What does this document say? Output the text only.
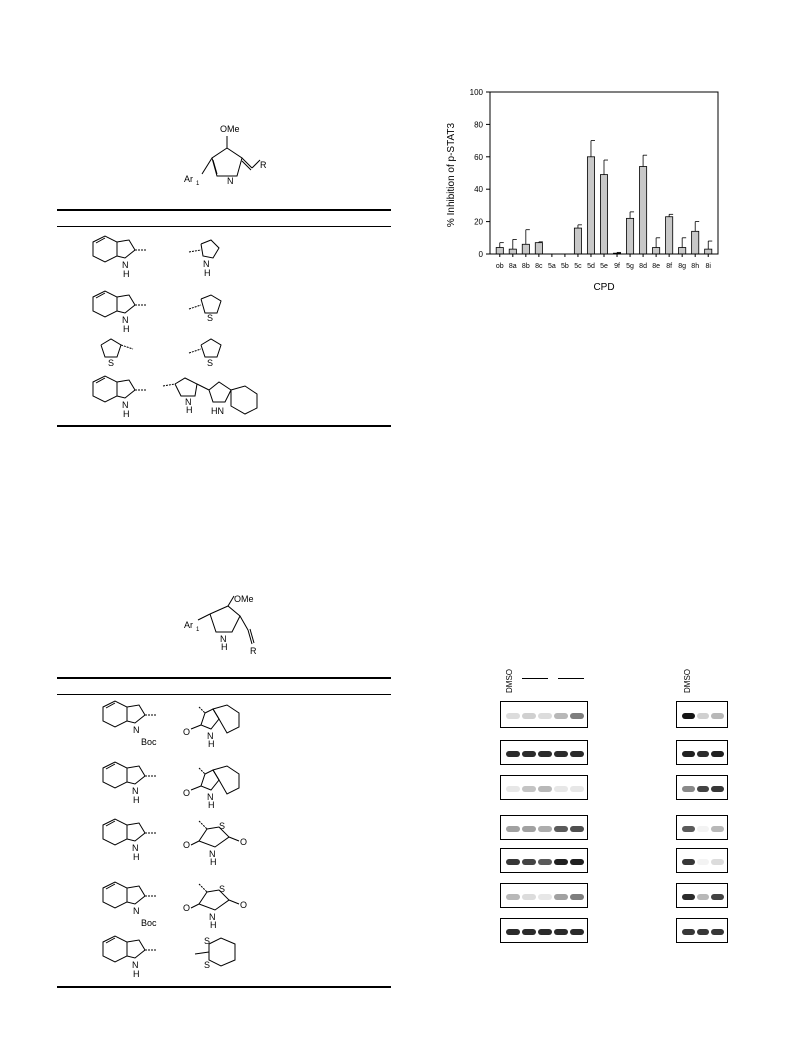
OMe
R
N
Ar 1
N
H
N
H
N
H
S
S	S
N
H
N
H HN
OMe
Ar 1
N
H	R
N
Boc
O N
H
N
H
O N
H
N
H
S
O	O
N
H
N
Boc
S
O	O
N
H
N
H
S
S
0
20
40
60
80
100
ob 8a 8b 8c 5a 5b 5c 5d 5e 9f 5g 8d 8e 8f 8g 8h 8i
% Inhibition of p-STAT3
CPD
DMSO	DMSO
